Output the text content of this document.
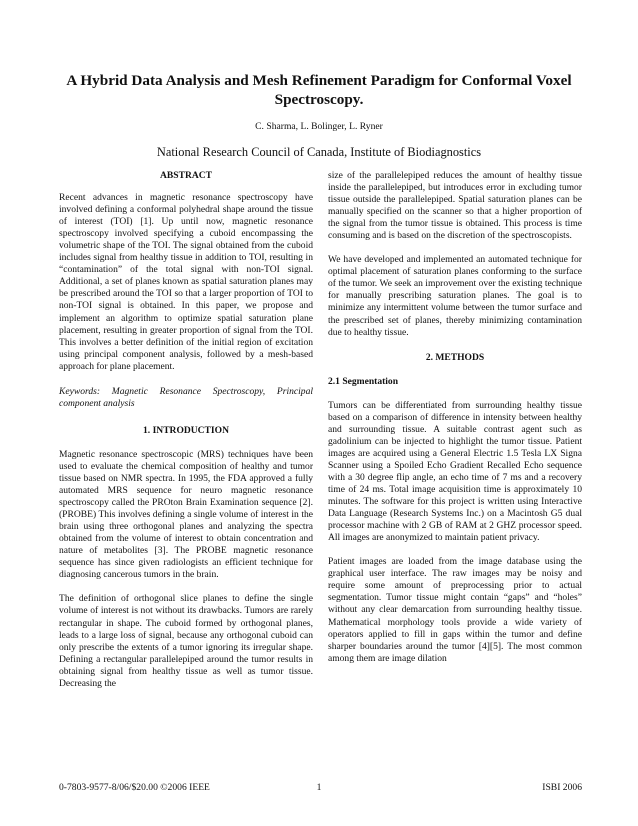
A Hybrid Data Analysis and Mesh Refinement Paradigm for Conformal Voxel Spectroscopy.
C. Sharma, L. Bolinger, L. Ryner
National Research Council of Canada, Institute of Biodiagnostics

ABSTRACT

Recent advances in magnetic resonance spectroscopy have involved defining a conformal polyhedral shape around the tissue of interest (TOI) [1]. Up until now, magnetic resonance spectroscopy involved specifying a cuboid encompassing the volumetric shape of the TOI. The signal obtained from the cuboid includes signal from healthy tissue in addition to TOI, resulting in “contamination” of the total signal with non-TOI signal. Additional, a set of planes known as spatial saturation planes may be prescribed around the TOI so that a larger proportion of TOI to non-TOI signal is obtained. In this paper, we propose and implement an algorithm to optimize spatial saturation plane placement, resulting in greater proportion of signal from the TOI. This involves a better definition of the initial region of excitation using principal component analysis, followed by a mesh-based approach for plane placement.

Keywords: Magnetic Resonance Spectroscopy, Principal component analysis

1. INTRODUCTION

Magnetic resonance spectroscopic (MRS) techniques have been used to evaluate the chemical composition of healthy and tumor tissue based on NMR spectra. In 1995, the FDA approved a fully automated MRS sequence for neuro magnetic resonance spectroscopy called the PROton Brain Examination sequence [2]. (PROBE) This involves defining a single volume of interest in the brain using three orthogonal planes and analyzing the spectra obtained from the volume of interest to obtain concentration and nature of metabolites [3]. The PROBE magnetic resonance sequence has since given radiologists an efficient technique for diagnosing cancerous tumors in the brain.

The definition of orthogonal slice planes to define the single volume of interest is not without its drawbacks. Tumors are rarely rectangular in shape. The cuboid formed by orthogonal planes, leads to a large loss of signal, because any orthogonal cuboid can only prescribe the extents of a tumor ignoring its irregular shape. Defining a rectangular parallelepiped around the tumor results in obtaining signal from healthy tissue as well as tumor tissue. Decreasing the

size of the parallelepiped reduces the amount of healthy tissue inside the parallelepiped, but introduces error in excluding tumor tissue outside the parallelepiped. Spatial saturation planes can be manually specified on the scanner so that a higher proportion of the signal from the tumor tissue is obtained. This process is time consuming and is based on the discretion of the spectroscopists.

We have developed and implemented an automated technique for optimal placement of saturation planes conforming to the surface of the tumor. We seek an improvement over the existing technique for manually prescribing saturation planes. The goal is to minimize any intermittent volume between the tumor surface and the prescribed set of planes, thereby minimizing contamination due to healthy tissue.

2. METHODS

2.1 Segmentation

Tumors can be differentiated from surrounding healthy tissue based on a comparison of difference in intensity between healthy and surrounding tissue. A suitable contrast agent such as gadolinium can be injected to highlight the tumor tissue. Patient images are acquired using a General Electric 1.5 Tesla LX Signa Scanner using a Spoiled Echo Gradient Recalled Echo sequence with a 30 degree flip angle, an echo time of 7 ms and a recovery time of 24 ms. Total image acquisition time is approximately 10 minutes. The software for this project is written using Interactive Data Language (Research Systems Inc.) on a Macintosh G5 dual processor machine with 2 GB of RAM at 2 GHZ processor speed. All images are anonymized to maintain patient privacy.

Patient images are loaded from the image database using the graphical user interface. The raw images may be noisy and require some amount of preprocessing prior to actual segmentation. Tumor tissue might contain “gaps” and “holes” without any clear demarcation from surrounding healthy tissue. Mathematical morphology tools provide a wide variety of operators applied to fill in gaps within the tumor and define sharper boundaries around the tumor [4][5]. The most common among them are image dilation

0-7803-9577-8/06/$20.00 ©2006 IEEE	1	ISBI 2006
